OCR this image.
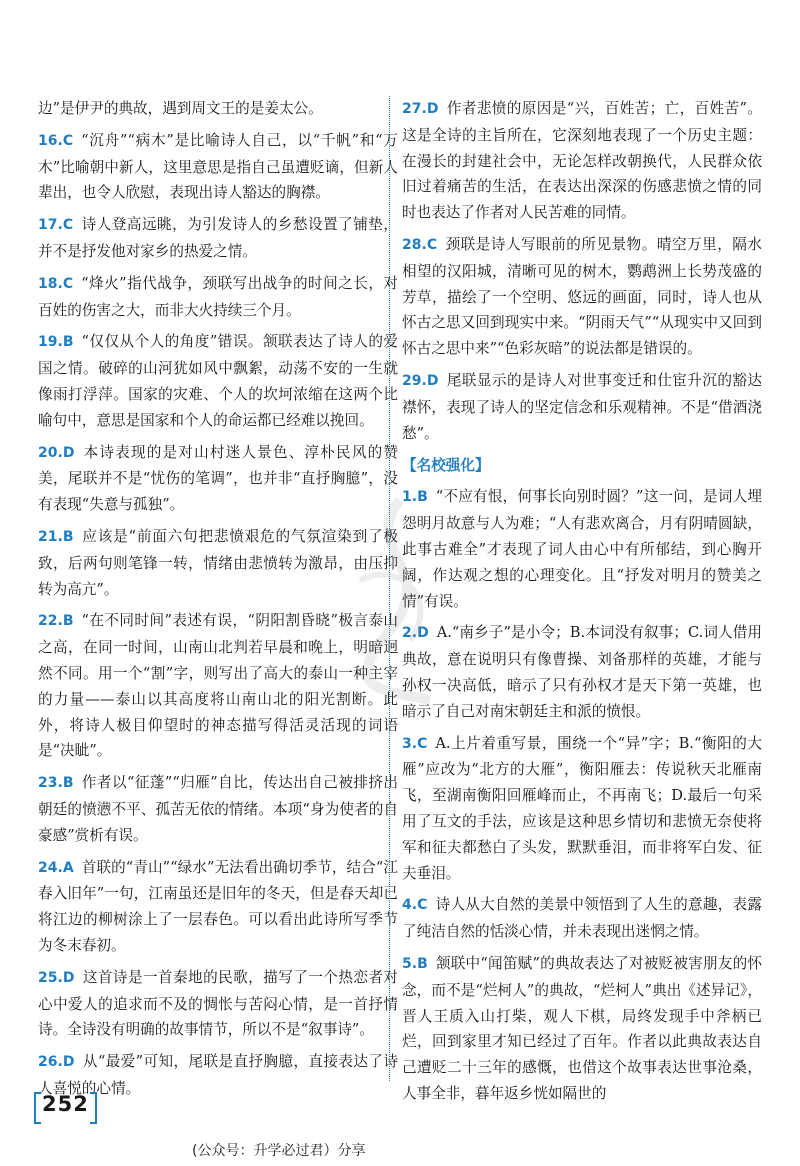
边”是伊尹的典故，遇到周文王的是姜太公。
16.C “沉舟”“病木”是比喻诗人自己，以“千帆”和“万木”比喻朝中新人，这里意思是指自己虽遭贬谪，但新人辈出，也令人欣慰，表现出诗人豁达的胸襟。
17.C 诗人登高远眺，为引发诗人的乡愁设置了铺垫，并不是抒发他对家乡的热爱之情。
18.C “烽火”指代战争，颈联写出战争的时间之长，对百姓的伤害之大，而非大火持续三个月。
19.B “仅仅从个人的角度”错误。颔联表达了诗人的爱国之情。破碎的山河犹如风中飘絮，动荡不安的一生就像雨打浮萍。国家的灾难、个人的坎坷浓缩在这两个比喻句中，意思是国家和个人的命运都已经难以挽回。
20.D 本诗表现的是对山村迷人景色、淳朴民风的赞美，尾联并不是“忧伤的笔调”，也并非“直抒胸臆”，没有表现“失意与孤独”。
21.B 应该是“前面六句把悲愤艰危的气氛渲染到了极致，后两句则笔锋一转，情绪由悲愤转为激昂，由压抑转为高亢”。
22.B “在不同时间”表述有误，“阴阳割昏晓”极言泰山之高，在同一时间，山南山北判若早晨和晚上，明暗迥然不同。用一个“割”字，则写出了高大的泰山一种主宰的力量——泰山以其高度将山南山北的阳光割断。此外，将诗人极目仰望时的神态描写得活灵活现的词语是“决眦”。
23.B 作者以“征蓬”“归雁”自比，传达出自己被排挤出朝廷的愤懑不平、孤苦无依的情绪。本项“身为使者的自豪感”赏析有误。
24.A 首联的“青山”“绿水”无法看出确切季节，结合“江春入旧年”一句，江南虽还是旧年的冬天，但是春天却已将江边的柳树涂上了一层春色。可以看出此诗所写季节为冬末春初。
25.D 这首诗是一首秦地的民歌，描写了一个热恋者对心中爱人的追求而不及的惆怅与苦闷心情，是一首抒情诗。全诗没有明确的故事情节，所以不是“叙事诗”。
26.D 从“最爱”可知，尾联是直抒胸臆，直接表达了诗人喜悦的心情。
27.D 作者悲愤的原因是“兴，百姓苦；亡，百姓苦”。这是全诗的主旨所在，它深刻地表现了一个历史主题：在漫长的封建社会中，无论怎样改朝换代，人民群众依旧过着痛苦的生活，在表达出深深的伤感悲愤之情的同时也表达了作者对人民苦难的同情。
28.C 颈联是诗人写眼前的所见景物。晴空万里，隔水相望的汉阳城，清晰可见的树木，鹦鹉洲上长势茂盛的芳草，描绘了一个空明、悠远的画面，同时，诗人也从怀古之思又回到现实中来。“阴雨天气”“从现实中又回到怀古之思中来”“色彩灰暗”的说法都是错误的。
29.D 尾联显示的是诗人对世事变迁和仕宦升沉的豁达襟怀，表现了诗人的坚定信念和乐观精神。不是“借酒浇愁”。
【名校强化】
1.B “不应有恨，何事长向别时圆？”这一问，是词人埋怨明月故意与人为难；“人有悲欢离合，月有阴晴圆缺，此事古难全”才表现了词人由心中有所郁结，到心胸开阔，作达观之想的心理变化。且“抒发对明月的赞美之情”有误。
2.D A.“南乡子”是小令；B.本词没有叙事；C.词人借用典故，意在说明只有像曹操、刘备那样的英雄，才能与孙权一决高低，暗示了只有孙权才是天下第一英雄，也暗示了自己对南宋朝廷主和派的愤恨。
3.C A.上片着重写景，围绕一个“异”字；B.“衡阳的大雁”应改为“北方的大雁”，衡阳雁去：传说秋天北雁南飞，至湖南衡阳回雁峰而止，不再南飞；D.最后一句采用了互文的手法，应该是这种思乡情切和悲愤无奈使将军和征夫都愁白了头发，默默垂泪，而非将军白发、征夫垂泪。
4.C 诗人从大自然的美景中领悟到了人生的意趣，表露了纯洁自然的恬淡心情，并未表现出迷惘之情。
5.B 颔联中“闻笛赋”的典故表达了对被贬被害朋友的怀念，而不是“烂柯人”的典故，“烂柯人”典出《述异记》，晋人王质入山打柴，观人下棋，局终发现手中斧柄已烂，回到家里才知已经过了百年。作者以此典故表达自己遭贬二十三年的感慨，也借这个故事表达世事沧桑，人事全非，暮年返乡恍如隔世的
252
(公众号：升学必过君）分享
